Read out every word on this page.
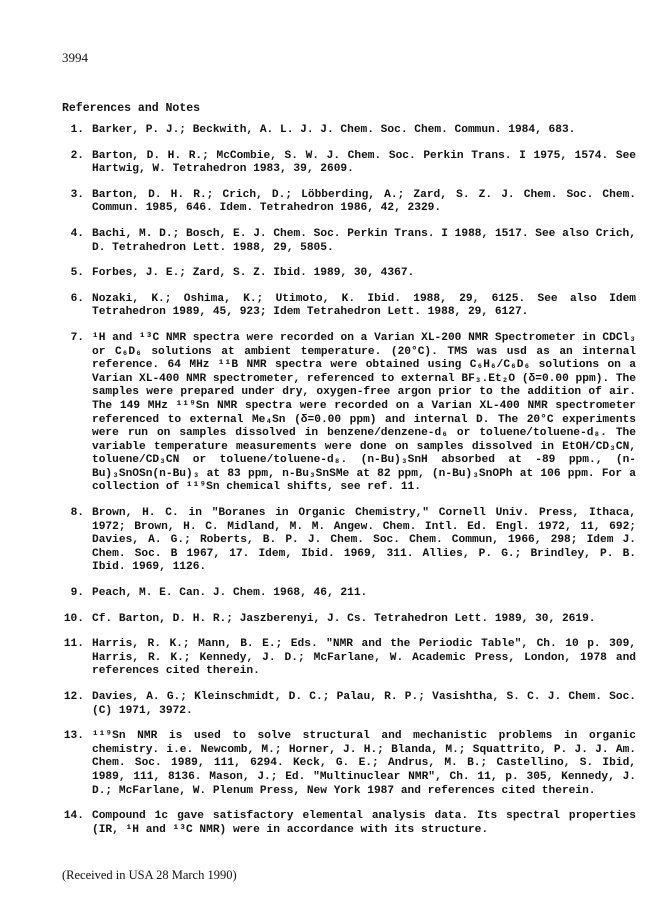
3994
References and Notes
1. Barker, P. J.; Beckwith, A. L. J. J. Chem. Soc. Chem. Commun. 1984, 683.
2. Barton, D. H. R.; McCombie, S. W. J. Chem. Soc. Perkin Trans. I 1975, 1574. See Hartwig, W. Tetrahedron 1983, 39, 2609.
3. Barton, D. H. R.; Crich, D.; Löbberding, A.; Zard, S. Z. J. Chem. Soc. Chem. Commun. 1985, 646. Idem. Tetrahedron 1986, 42, 2329.
4. Bachi, M. D.; Bosch, E. J. Chem. Soc. Perkin Trans. I 1988, 1517. See also Crich, D. Tetrahedron Lett. 1988, 29, 5805.
5. Forbes, J. E.; Zard, S. Z. Ibid. 1989, 30, 4367.
6. Nozaki, K.; Oshima, K.; Utimoto, K. Ibid. 1988, 29, 6125. See also Idem Tetrahedron 1989, 45, 923; Idem Tetrahedron Lett. 1988, 29, 6127.
7. ¹H and ¹³C NMR spectra were recorded on a Varian XL-200 NMR Spectrometer in CDCl₃ or C₆D₆ solutions at ambient temperature. (20°C). TMS was usd as an internal reference. 64 MHz ¹¹B NMR spectra were obtained using C₆H₆/C₆D₆ solutions on a Varian XL-400 NMR spectrometer, referenced to external BF₃.Et₂O (δ=0.00 ppm). The samples were prepared under dry, oxygen-free argon prior to the addition of air. The 149 MHz ¹¹⁹Sn NMR spectra were recorded on a Varian XL-400 NMR spectrometer referenced to external Me₄Sn (δ=0.00 ppm) and internal D. The 20°C experiments were run on samples dissolved in benzene/denzene-d₆ or toluene/toluene-d₈. The variable temperature measurements were done on samples dissolved in EtOH/CD₃CN, toluene/CD₃CN or toluene/toluene-d₈. (n-Bu)₃SnH absorbed at -89 ppm., (n-Bu)₃SnOSn(n-Bu)₃ at 83 ppm, n-Bu₃SnSMe at 82 ppm, (n-Bu)₃SnOPh at 106 ppm. For a collection of ¹¹⁹Sn chemical shifts, see ref. 11.
8. Brown, H. C. in "Boranes in Organic Chemistry," Cornell Univ. Press, Ithaca, 1972; Brown, H. C. Midland, M. M. Angew. Chem. Intl. Ed. Engl. 1972, 11, 692; Davies, A. G.; Roberts, B. P. J. Chem. Soc. Chem. Commun, 1966, 298; Idem J. Chem. Soc. B 1967, 17. Idem, Ibid. 1969, 311. Allies, P. G.; Brindley, P. B. Ibid. 1969, 1126.
9. Peach, M. E. Can. J. Chem. 1968, 46, 211.
10. Cf. Barton, D. H. R.; Jaszberenyi, J. Cs. Tetrahedron Lett. 1989, 30, 2619.
11. Harris, R. K.; Mann, B. E.; Eds. "NMR and the Periodic Table", Ch. 10 p. 309, Harris, R. K.; Kennedy, J. D.; McFarlane, W. Academic Press, London, 1978 and references cited therein.
12. Davies, A. G.; Kleinschmidt, D. C.; Palau, R. P.; Vasishtha, S. C. J. Chem. Soc. (C) 1971, 3972.
13. ¹¹⁹Sn NMR is used to solve structural and mechanistic problems in organic chemistry. i.e. Newcomb, M.; Horner, J. H.; Blanda, M.; Squattrito, P. J. J. Am. Chem. Soc. 1989, 111, 6294. Keck, G. E.; Andrus, M. B.; Castellino, S. Ibid, 1989, 111, 8136. Mason, J.; Ed. "Multinuclear NMR", Ch. 11, p. 305, Kennedy, J. D.; McFarlane, W. Plenum Press, New York 1987 and references cited therein.
14. Compound 1c gave satisfactory elemental analysis data. Its spectral properties (IR, ¹H and ¹³C NMR) were in accordance with its structure.
(Received in USA 28 March 1990)
